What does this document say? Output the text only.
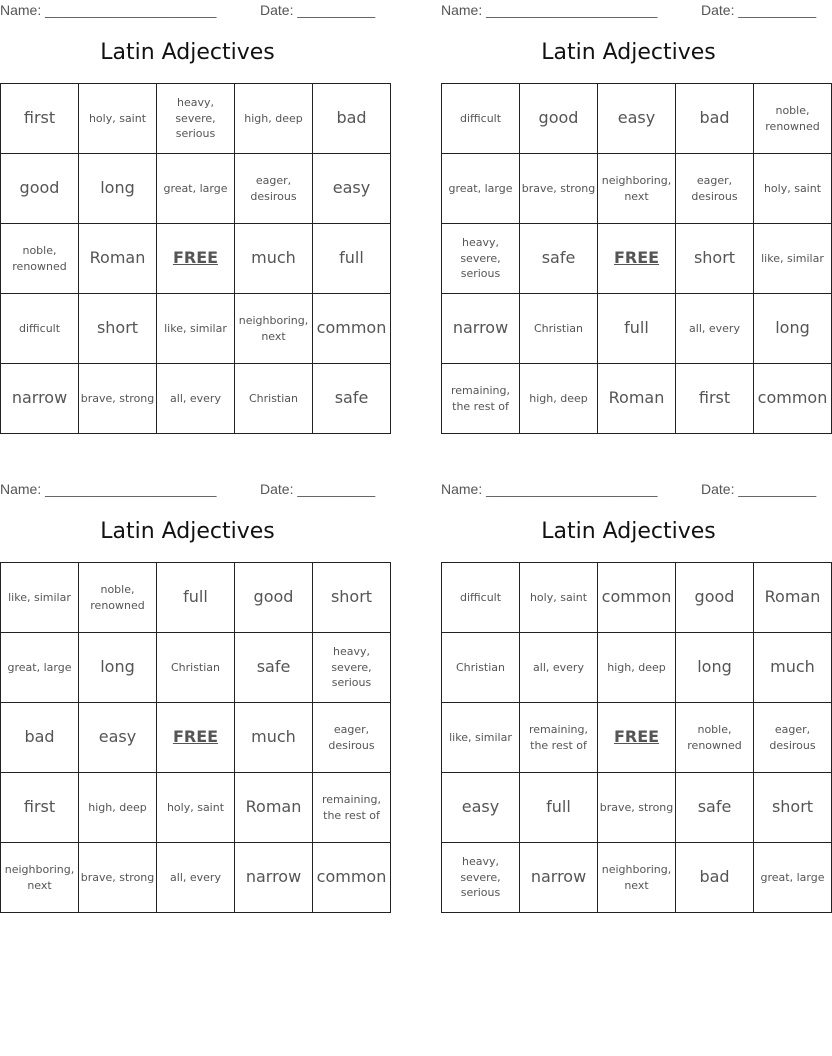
Name: ______________________	Date: __________
Latin Adjectives
first	holy, saint	heavy, severe, serious	high, deep	bad
good	long	great, large	eager, desirous	easy
noble, renowned	Roman	FREE	much	full
difficult	short	like, similar	neighboring, next	common
narrow	brave, strong	all, every	Christian	safe
Name: ______________________	Date: __________
Latin Adjectives
difficult	good	easy	bad	noble, renowned
great, large	brave, strong	neighboring, next	eager, desirous	holy, saint
heavy, severe, serious	safe	FREE	short	like, similar
narrow	Christian	full	all, every	long
remaining, the rest of	high, deep	Roman	first	common
Name: ______________________	Date: __________
Latin Adjectives
like, similar	noble, renowned	full	good	short
great, large	long	Christian	safe	heavy, severe, serious
bad	easy	FREE	much	eager, desirous
first	high, deep	holy, saint	Roman	remaining, the rest of
neighboring, next	brave, strong	all, every	narrow	common
Name: ______________________	Date: __________
Latin Adjectives
difficult	holy, saint	common	good	Roman
Christian	all, every	high, deep	long	much
like, similar	remaining, the rest of	FREE	noble, renowned	eager, desirous
easy	full	brave, strong	safe	short
heavy, severe, serious	narrow	neighboring, next	bad	great, large
